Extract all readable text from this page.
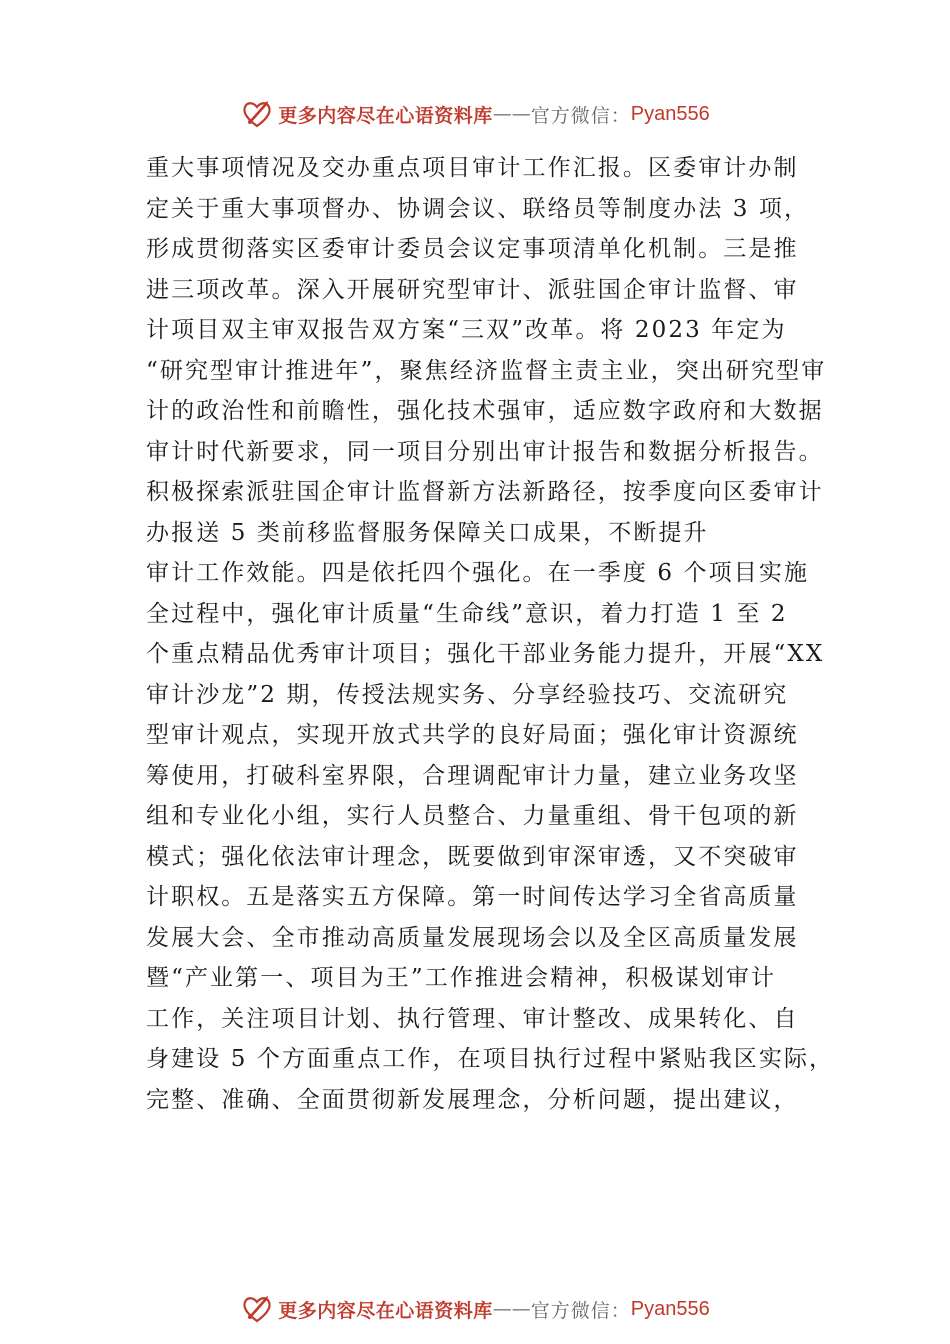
更多内容尽在心语资料库 —— 官方微信： Pyan556
重大事项情况及交办重点项目审计工作汇报。区委审计办制
定关于重大事项督办、协调会议、联络员等制度办法 3 项，
形成贯彻落实区委审计委员会议定事项清单化机制。三是推
进三项改革。深入开展研究型审计、派驻国企审计监督、审
计项目双主审双报告双方案“三双”改革。将 2023 年定为
“研究型审计推进年”，聚焦经济监督主责主业，突出研究型审
计的政治性和前瞻性，强化技术强审，适应数字政府和大数据
审计时代新要求，同一项目分别出审计报告和数据分析报告。
积极探索派驻国企审计监督新方法新路径，按季度向区委审计
办报送 5 类前移监督服务保障关口成果，不断提升
审计工作效能。四是依托四个强化。在一季度 6 个项目实施
全过程中，强化审计质量“生命线”意识，着力打造 1 至 2
个重点精品优秀审计项目；强化干部业务能力提升，开展“XX
审计沙龙”2 期，传授法规实务、分享经验技巧、交流研究
型审计观点，实现开放式共学的良好局面；强化审计资源统
筹使用，打破科室界限，合理调配审计力量，建立业务攻坚
组和专业化小组，实行人员整合、力量重组、骨干包项的新
模式；强化依法审计理念，既要做到审深审透，又不突破审
计职权。五是落实五方保障。第一时间传达学习全省高质量
发展大会、全市推动高质量发展现场会以及全区高质量发展
暨“产业第一、项目为王”工作推进会精神，积极谋划审计
工作，关注项目计划、执行管理、审计整改、成果转化、自
身建设 5 个方面重点工作，在项目执行过程中紧贴我区实际，
完整、准确、全面贯彻新发展理念，分析问题，提出建议，
更多内容尽在心语资料库 —— 官方微信： Pyan556
